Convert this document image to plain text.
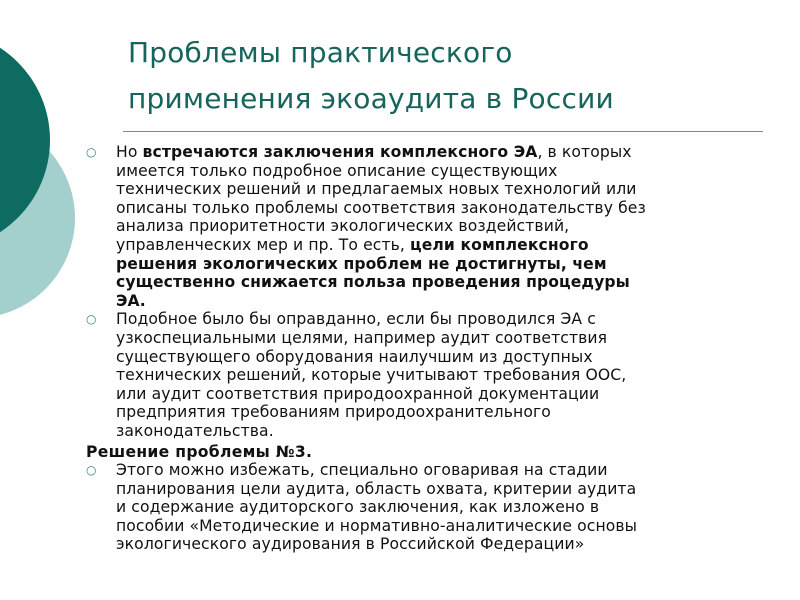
Проблемы практического
применения экоаудита в России
○ Но встречаются заключения комплексного ЭА, в которых
имеется только подробное описание существующих
технических решений и предлагаемых новых технологий или
описаны только проблемы соответствия законодательству без
анализа приоритетности экологических воздействий,
управленческих мер и пр. То есть, цели комплексного
решения экологических проблем не достигнуты, чем
существенно снижается польза проведения процедуры
ЭА.

○ Подобное было бы оправданно, если бы проводился ЭА с
узкоспециальными целями, например аудит соответствия
существующего оборудования наилучшим из доступных
технических решений, которые учитывают требования ООС,
или аудит соответствия природоохранной документации
предприятия требованиям природоохранительного
законодательства.

Решение проблемы №3.

○ Этого можно избежать, специально оговаривая на стадии
планирования цели аудита, область охвата, критерии аудита
и содержание аудиторского заключения, как изложено в
пособии «Методические и нормативно-аналитические основы
экологического аудирования в Российской Федерации»
